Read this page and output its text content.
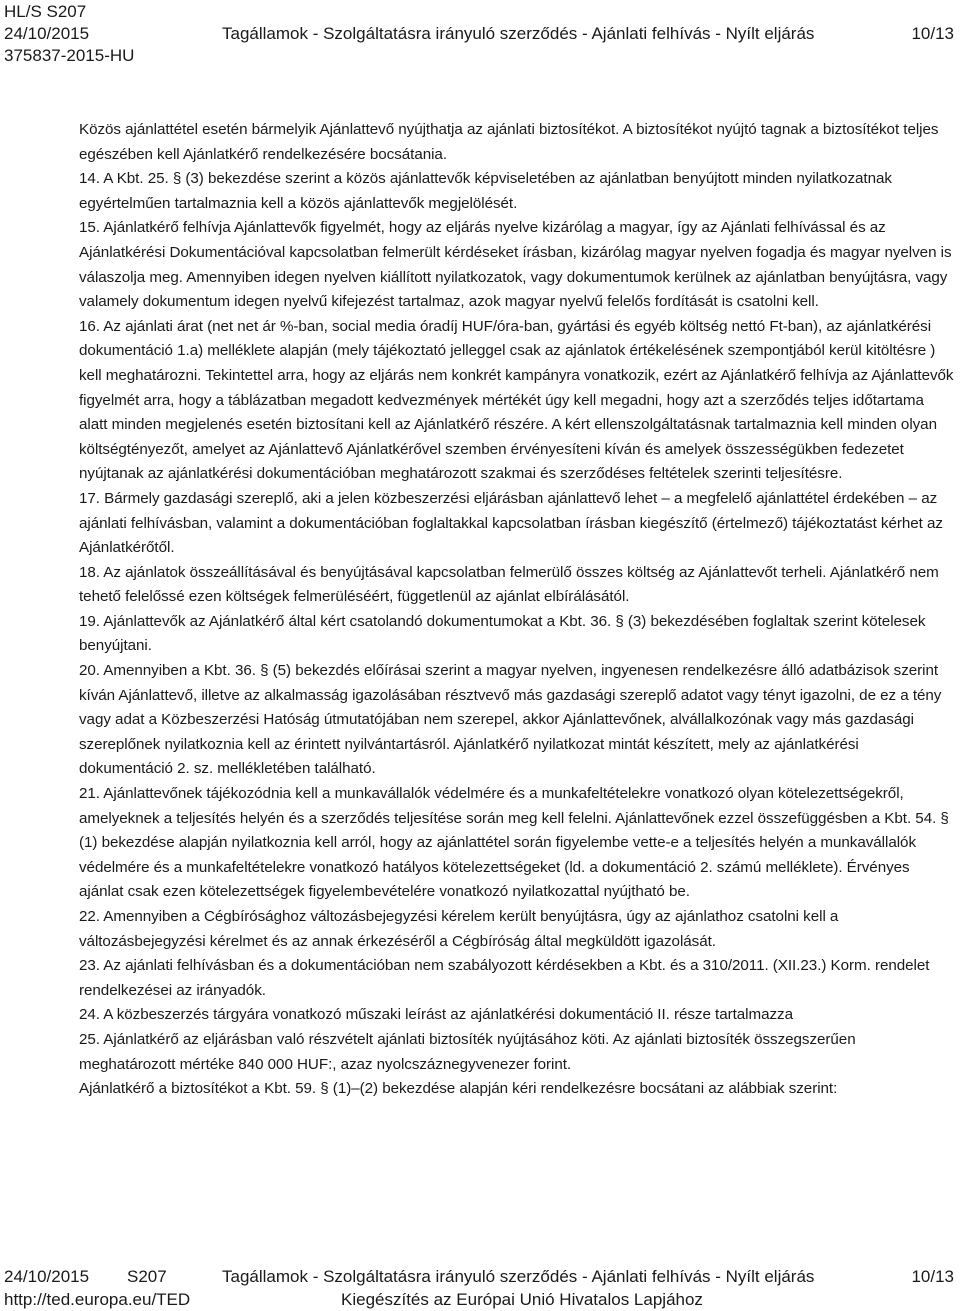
HL/S S207
24/10/2015	Tagállamok - Szolgáltatásra irányuló szerződés - Ajánlati felhívás - Nyílt eljárás	10/13
375837-2015-HU

Közös ajánlattétel esetén bármelyik Ajánlattevő nyújthatja az ajánlati biztosítékot. A biztosítékot nyújtó tagnak a biztosítékot teljes egészében kell Ajánlatkérő rendelkezésére bocsátania.

14. A Kbt. 25. § (3) bekezdése szerint a közös ajánlattevők képviseletében az ajánlatban benyújtott minden nyilatkozatnak egyértelműen tartalmaznia kell a közös ajánlattevők megjelölését.

15. Ajánlatkérő felhívja Ajánlattevők figyelmét, hogy az eljárás nyelve kizárólag a magyar, így az Ajánlati felhívással és az Ajánlatkérési Dokumentációval kapcsolatban felmerült kérdéseket írásban, kizárólag magyar nyelven fogadja és magyar nyelven is válaszolja meg. Amennyiben idegen nyelven kiállított nyilatkozatok, vagy dokumentumok kerülnek az ajánlatban benyújtásra, vagy valamely dokumentum idegen nyelvű kifejezést tartalmaz, azok magyar nyelvű felelős fordítását is csatolni kell.

16. Az ajánlati árat (net net ár %-ban, social media óradíj HUF/óra-ban, gyártási és egyéb költség nettó Ft-ban), az ajánlatkérési dokumentáció 1.a) melléklete alapján (mely tájékoztató jelleggel csak az ajánlatok értékelésének szempontjából kerül kitöltésre ) kell meghatározni. Tekintettel arra, hogy az eljárás nem konkrét kampányra vonatkozik, ezért az Ajánlatkérő felhívja az Ajánlattevők figyelmét arra, hogy a táblázatban megadott kedvezmények mértékét úgy kell megadni, hogy azt a szerződés teljes időtartama alatt minden megjelenés esetén biztosítani kell az Ajánlatkérő részére. A kért ellenszolgáltatásnak tartalmaznia kell minden olyan költségtényezőt, amelyet az Ajánlattevő Ajánlatkérővel szemben érvényesíteni kíván és amelyek összességükben fedezetet nyújtanak az ajánlatkérési dokumentációban meghatározott szakmai és szerződéses feltételek szerinti teljesítésre.

17. Bármely gazdasági szereplő, aki a jelen közbeszerzési eljárásban ajánlattevő lehet – a megfelelő ajánlattétel érdekében – az ajánlati felhívásban, valamint a dokumentációban foglaltakkal kapcsolatban írásban kiegészítő (értelmező) tájékoztatást kérhet az Ajánlatkérőtől.

18. Az ajánlatok összeállításával és benyújtásával kapcsolatban felmerülő összes költség az Ajánlattevőt terheli. Ajánlatkérő nem tehető felelőssé ezen költségek felmerüléséért, függetlenül az ajánlat elbírálásától.

19. Ajánlattevők az Ajánlatkérő által kért csatolandó dokumentumokat a Kbt. 36. § (3) bekezdésében foglaltak szerint kötelesek benyújtani.

20. Amennyiben a Kbt. 36. § (5) bekezdés előírásai szerint a magyar nyelven, ingyenesen rendelkezésre álló adatbázisok szerint kíván Ajánlattevő, illetve az alkalmasság igazolásában résztvevő más gazdasági szereplő adatot vagy tényt igazolni, de ez a tény vagy adat a Közbeszerzési Hatóság útmutatójában nem szerepel, akkor Ajánlattevőnek, alvállalkozónak vagy más gazdasági szereplőnek nyilatkoznia kell az érintett nyilvántartásról. Ajánlatkérő nyilatkozat mintát készített, mely az ajánlatkérési dokumentáció 2. sz. mellékletében található.

21. Ajánlattevőnek tájékozódnia kell a munkavállalók védelmére és a munkafeltételekre vonatkozó olyan kötelezettségekről, amelyeknek a teljesítés helyén és a szerződés teljesítése során meg kell felelni. Ajánlattevőnek ezzel összefüggésben a Kbt. 54. § (1) bekezdése alapján nyilatkoznia kell arról, hogy az ajánlattétel során figyelembe vette-e a teljesítés helyén a munkavállalók védelmére és a munkafeltételekre vonatkozó hatályos kötelezettségeket (ld. a dokumentáció 2. számú melléklete). Érvényes ajánlat csak ezen kötelezettségek figyelembevételére vonatkozó nyilatkozattal nyújtható be.

22. Amennyiben a Cégbírósághoz változásbejegyzési kérelem került benyújtásra, úgy az ajánlathoz csatolni kell a változásbejegyzési kérelmet és az annak érkezéséről a Cégbíróság által megküldött igazolását.

23. Az ajánlati felhívásban és a dokumentációban nem szabályozott kérdésekben a Kbt. és a 310/2011. (XII.23.) Korm. rendelet rendelkezései az irányadók.

24. A közbeszerzés tárgyára vonatkozó műszaki leírást az ajánlatkérési dokumentáció II. része tartalmazza

25. Ajánlatkérő az eljárásban való részvételt ajánlati biztosíték nyújtásához köti. Az ajánlati biztosíték összegszerűen meghatározott mértéke 840 000 HUF:, azaz nyolcszáznegyvenezer forint.

Ajánlatkérő a biztosítékot a Kbt. 59. § (1)–(2) bekezdése alapján kéri rendelkezésre bocsátani az alábbiak szerint:

24/10/2015 S207	Tagállamok - Szolgáltatásra irányuló szerződés - Ajánlati felhívás - Nyílt eljárás	10/13
http://ted.europa.eu/TED	Kiegészítés az Európai Unió Hivatalos Lapjához
